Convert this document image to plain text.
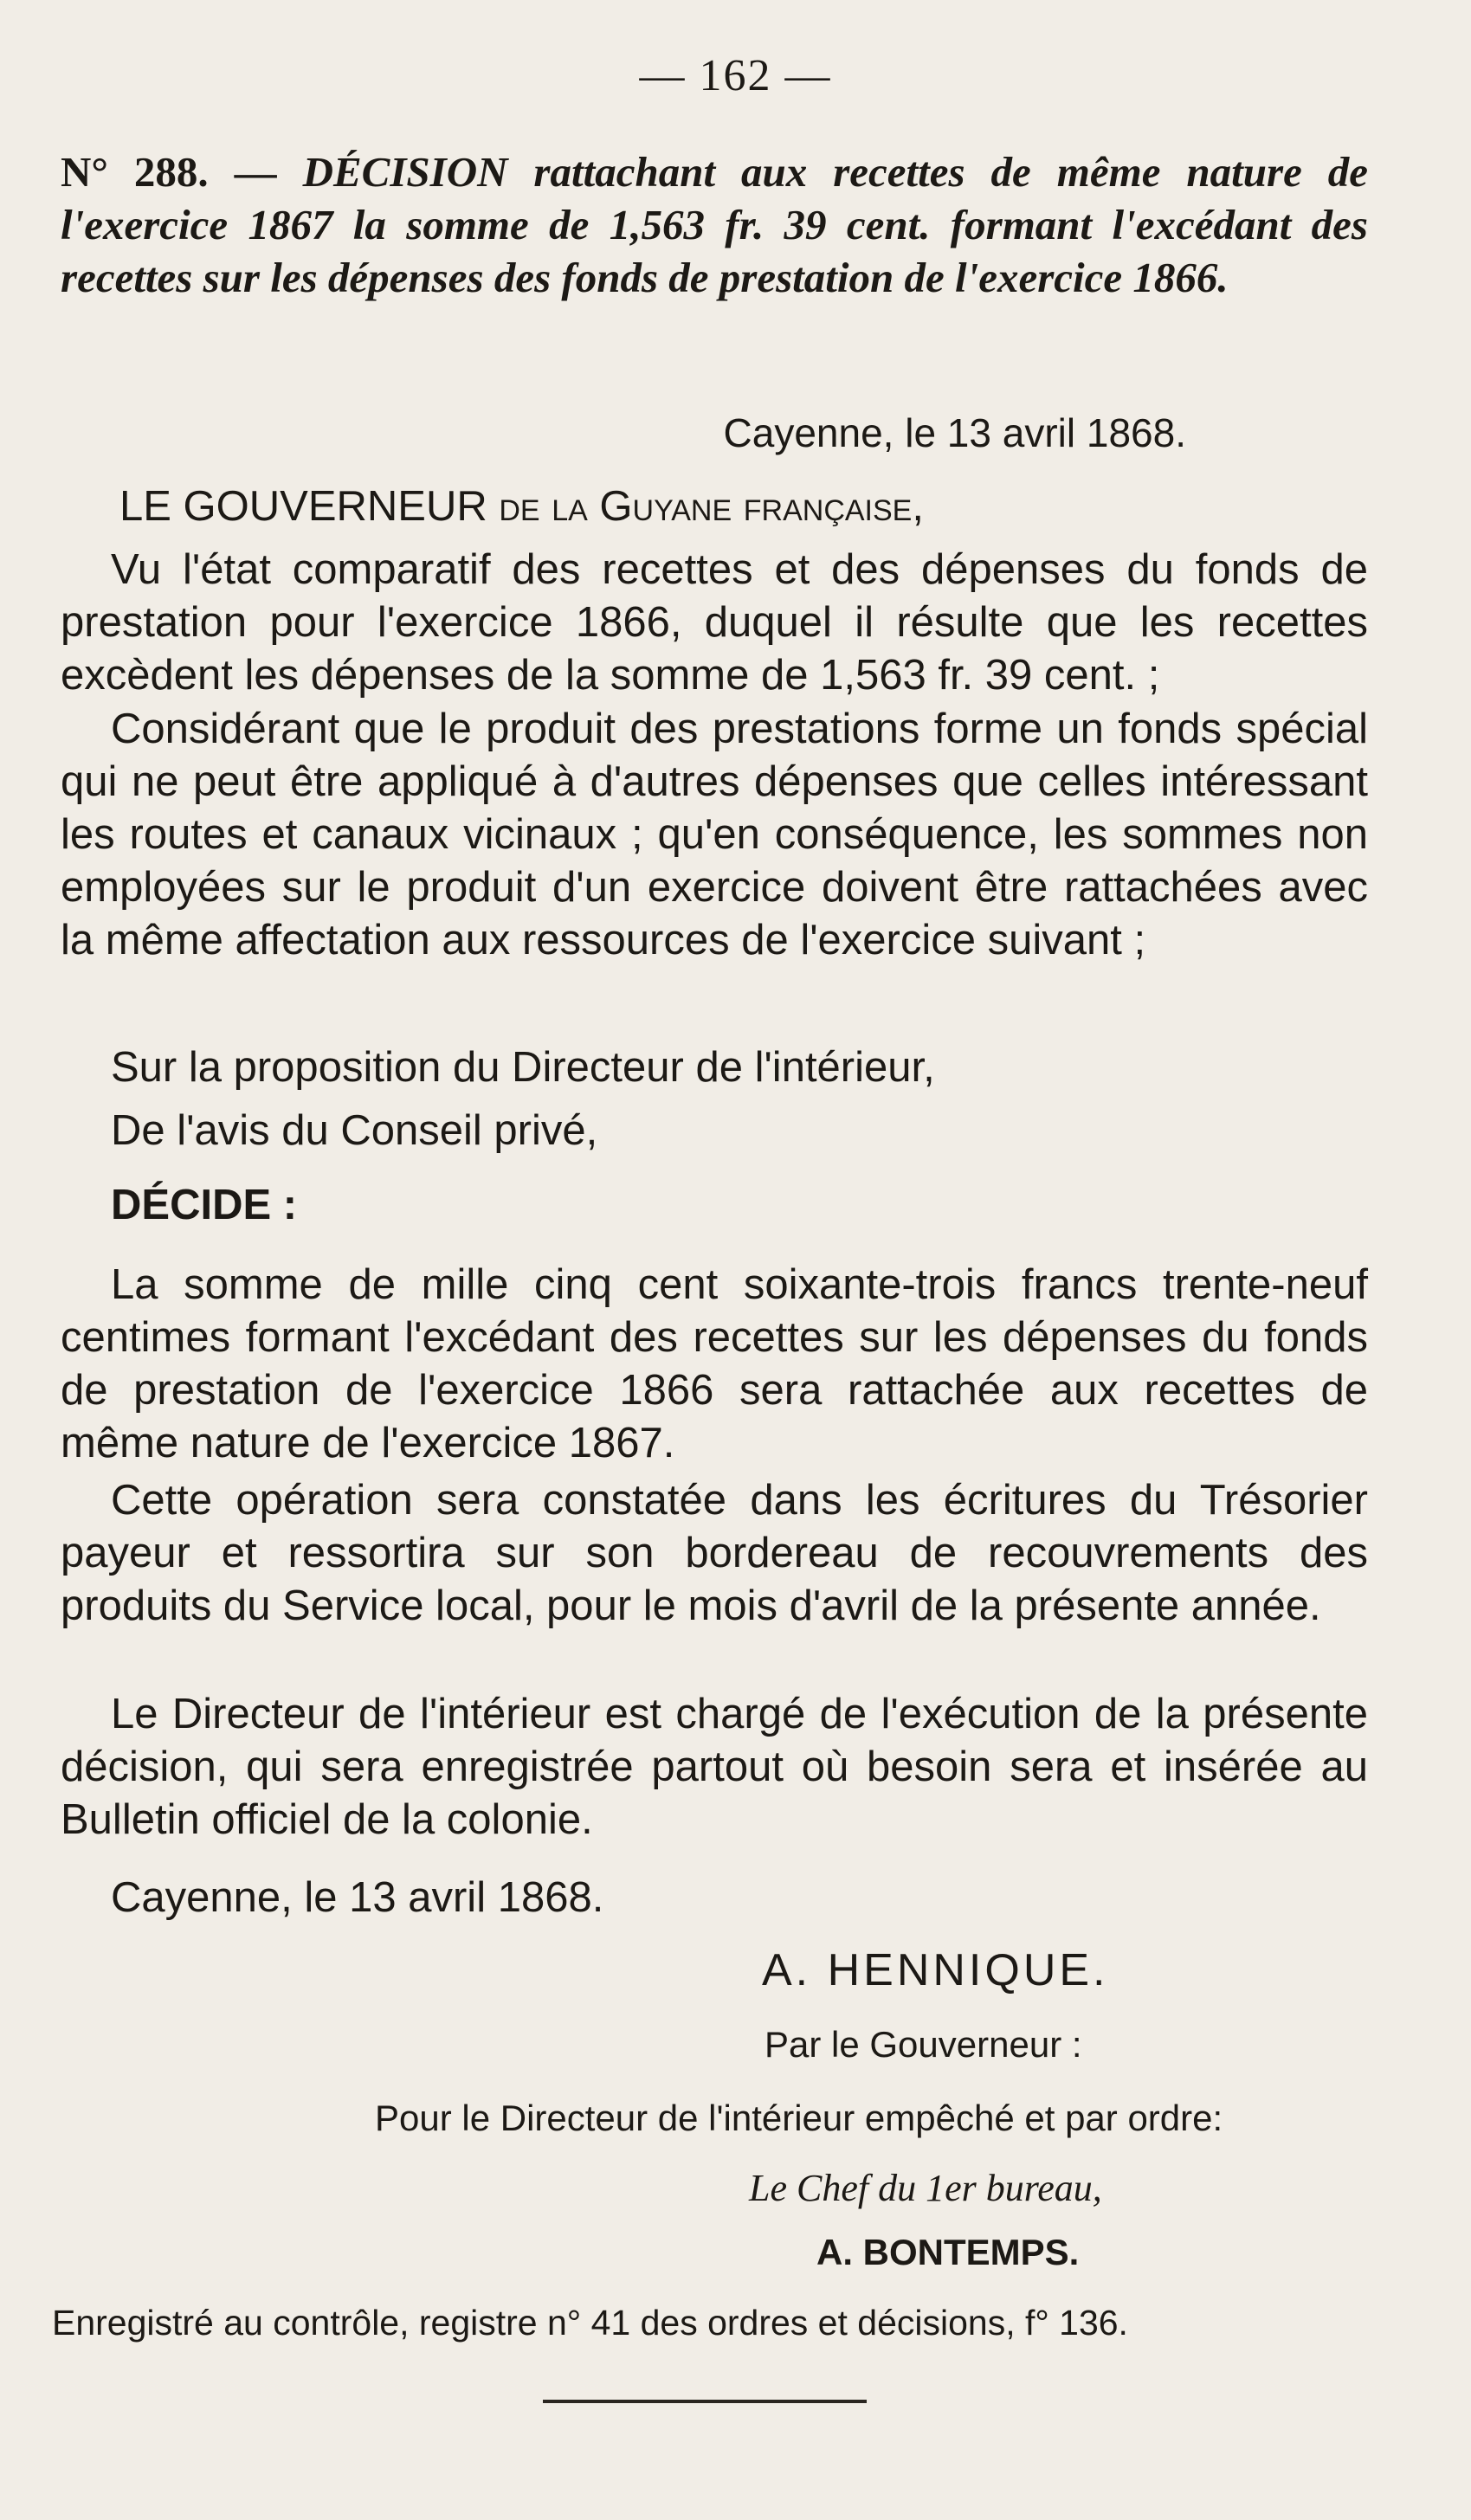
— 162 —
N° 288. — DÉCISION rattachant aux recettes de même nature de l'exercice 1867 la somme de 1,563 fr. 39 cent. formant l'excédant des recettes sur les dépenses des fonds de prestation de l'exercice 1866.
Cayenne, le 13 avril 1868.
LE GOUVERNEUR de la Guyane française,
Vu l'état comparatif des recettes et des dépenses du fonds de prestation pour l'exercice 1866, duquel il résulte que les recettes excèdent les dépenses de la somme de 1,563 fr. 39 cent. ;
Considérant que le produit des prestations forme un fonds spécial qui ne peut être appliqué à d'autres dépenses que celles intéressant les routes et canaux vicinaux ; qu'en conséquence, les sommes non employées sur le produit d'un exercice doivent être rattachées avec la même affectation aux ressources de l'exercice suivant ;
Sur la proposition du Directeur de l'intérieur,
De l'avis du Conseil privé,
DÉCIDE :
La somme de mille cinq cent soixante-trois francs trente-neuf centimes formant l'excédant des recettes sur les dépenses du fonds de prestation de l'exercice 1866 sera rattachée aux recettes de même nature de l'exercice 1867.
Cette opération sera constatée dans les écritures du Trésorier payeur et ressortira sur son bordereau de recouvrements des produits du Service local, pour le mois d'avril de la présente année.
Le Directeur de l'intérieur est chargé de l'exécution de la présente décision, qui sera enregistrée partout où besoin sera et insérée au Bulletin officiel de la colonie.
Cayenne, le 13 avril 1868.
A. HENNIQUE.
Par le Gouverneur :
Pour le Directeur de l'intérieur empêché et par ordre:
Le Chef du 1er bureau,
A. BONTEMPS.
Enregistré au contrôle, registre n° 41 des ordres et décisions, f° 136.
